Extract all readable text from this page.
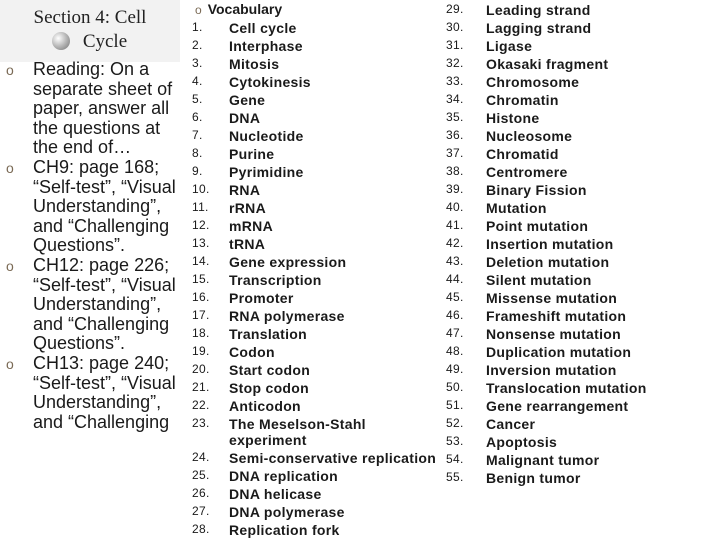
Section 4: Cell
Cycle
o Reading: On a separate sheet of paper, answer all the questions at the end of…
o CH9: page 168; “Self-test”, “Visual Understanding”, and “Challenging Questions”.
o CH12: page 226; “Self-test”, “Visual Understanding”, and “Challenging Questions”.
o CH13: page 240; “Self-test”, “Visual Understanding”, and “Challenging
o Vocabulary
1. Cell cycle
2. Interphase
3. Mitosis
4. Cytokinesis
5. Gene
6. DNA
7. Nucleotide
8. Purine
9. Pyrimidine
10. RNA
11. rRNA
12. mRNA
13. tRNA
14. Gene expression
15. Transcription
16. Promoter
17. RNA polymerase
18. Translation
19. Codon
20. Start codon
21. Stop codon
22. Anticodon
23. The Meselson-Stahl experiment
24. Semi-conservative replication
25. DNA replication
26. DNA helicase
27. DNA polymerase
28. Replication fork
29. Leading strand
30. Lagging strand
31. Ligase
32. Okasaki fragment
33. Chromosome
34. Chromatin
35. Histone
36. Nucleosome
37. Chromatid
38. Centromere
39. Binary Fission
40. Mutation
41. Point mutation
42. Insertion mutation
43. Deletion mutation
44. Silent mutation
45. Missense mutation
46. Frameshift mutation
47. Nonsense mutation
48. Duplication mutation
49. Inversion mutation
50. Translocation mutation
51. Gene rearrangement
52. Cancer
53. Apoptosis
54. Malignant tumor
55. Benign tumor
